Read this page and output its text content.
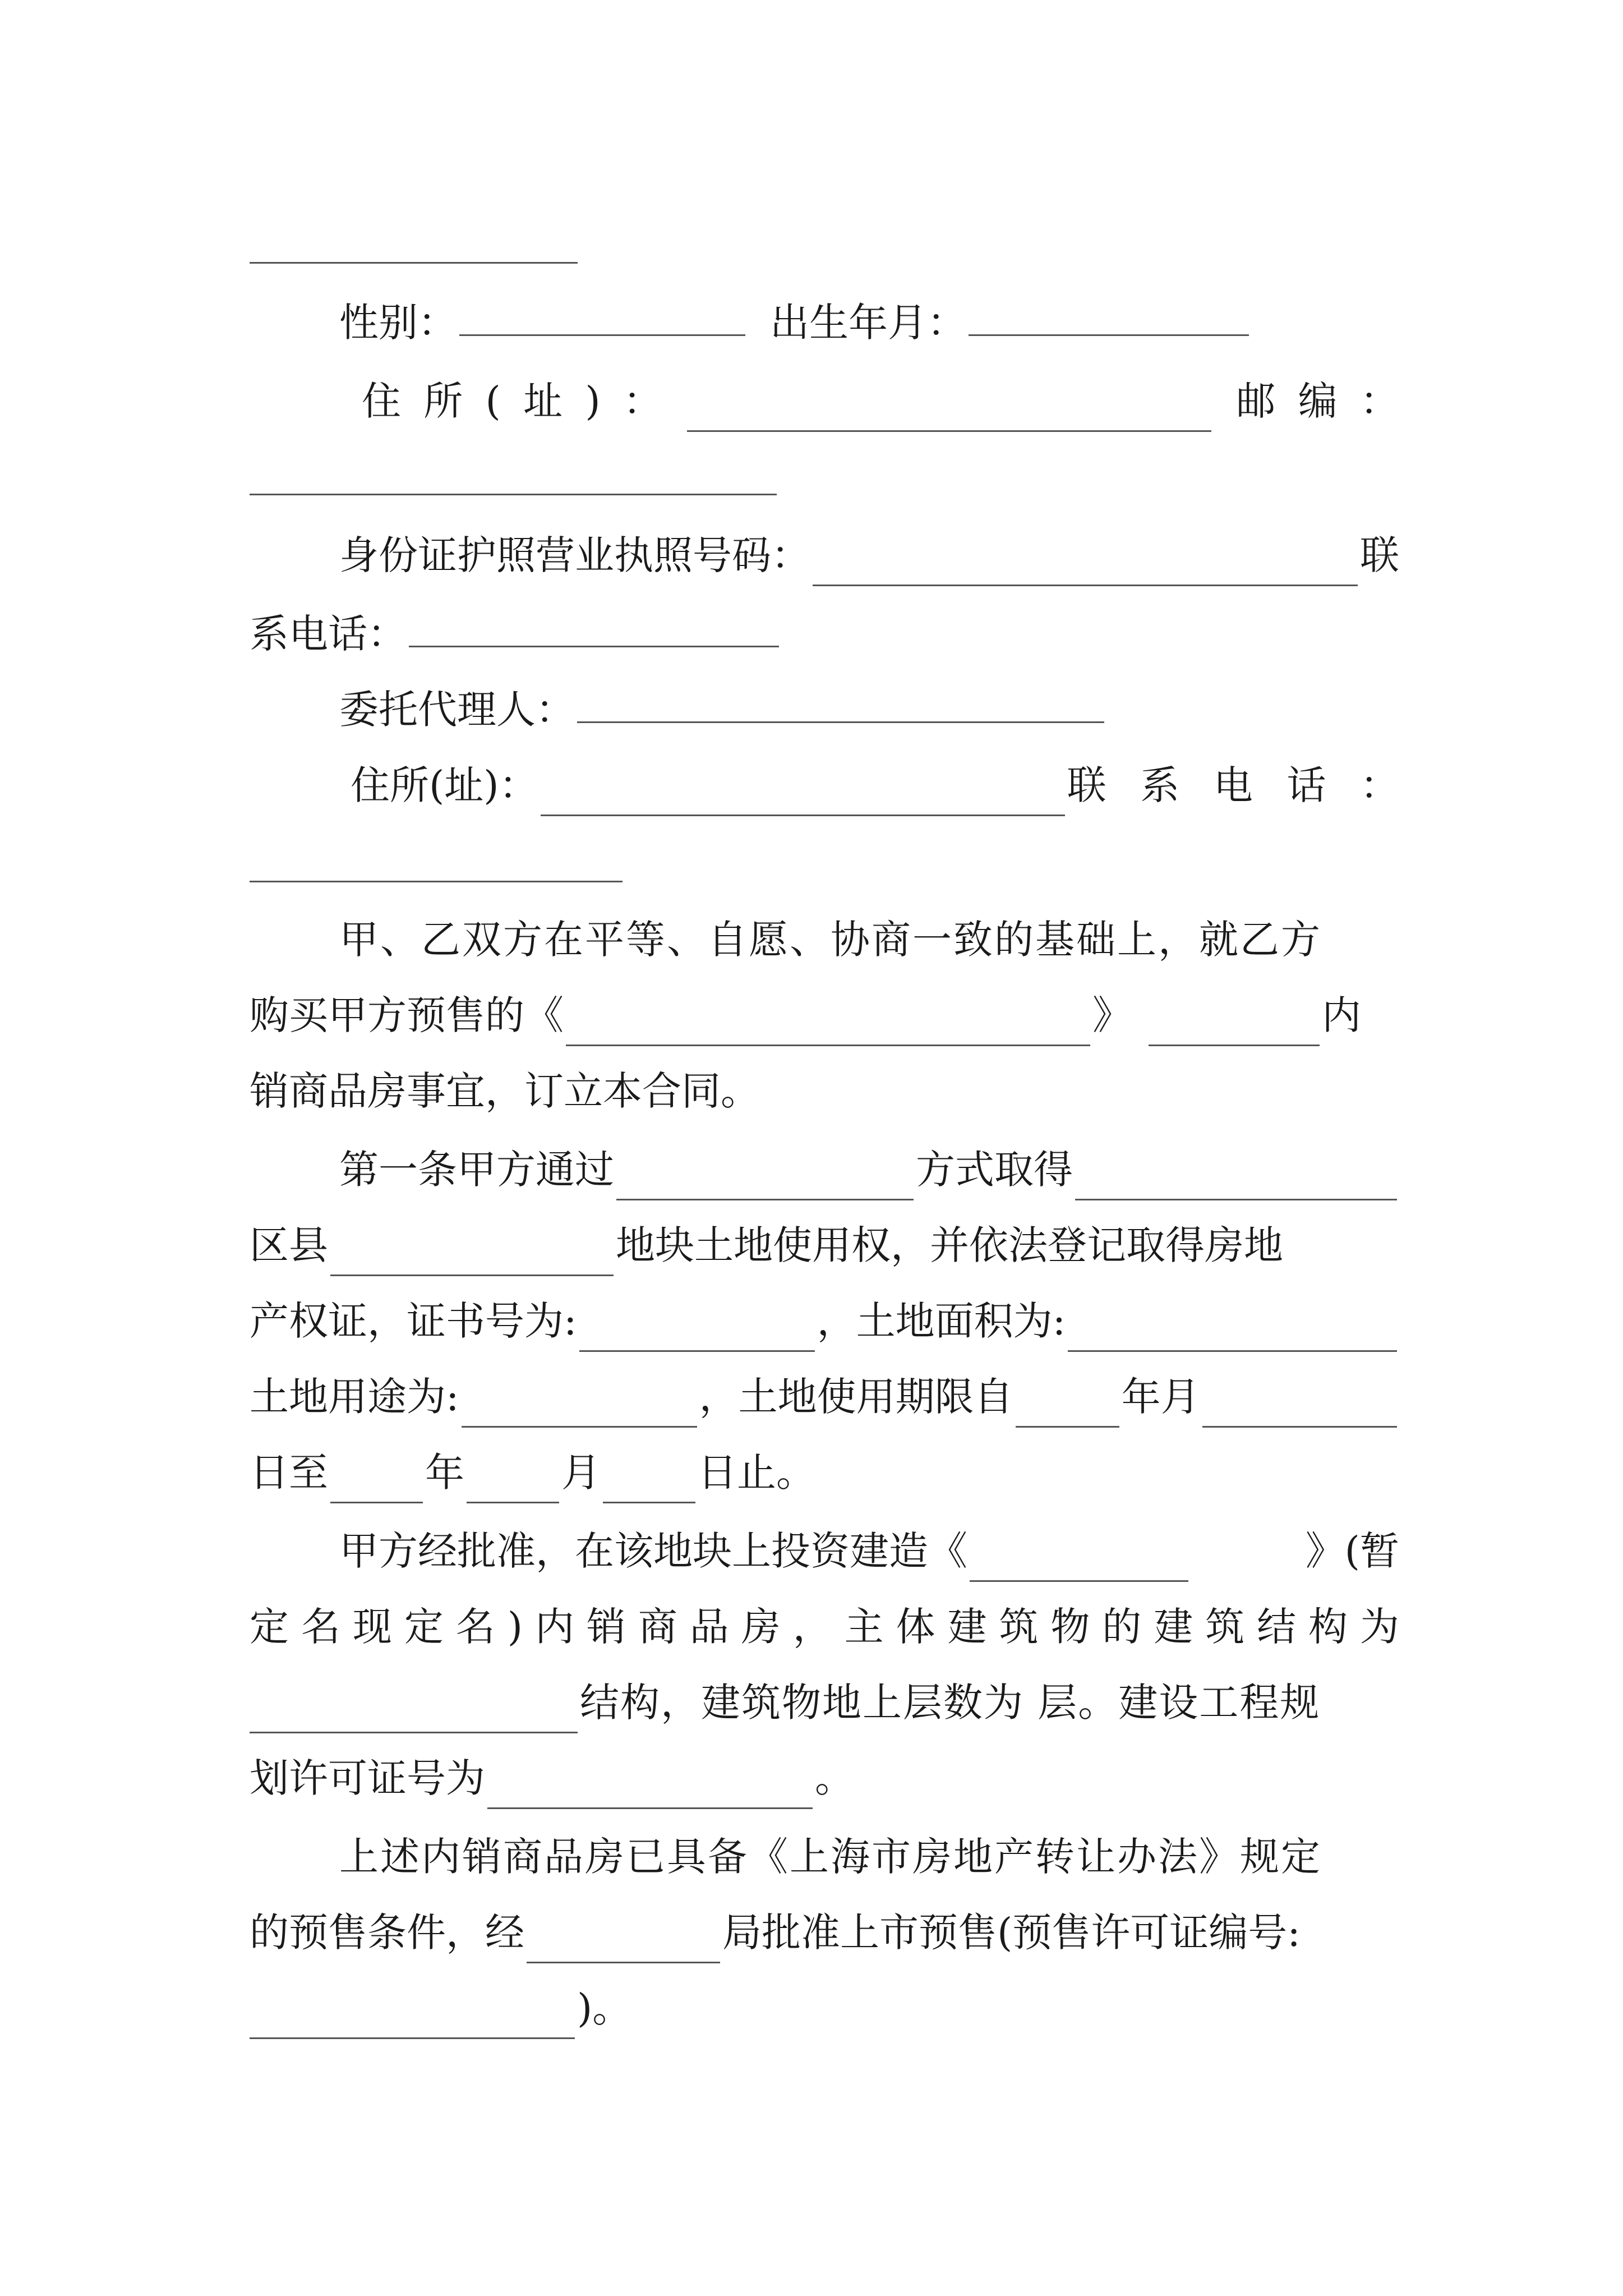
性别：	出生年月：
住 所 ( 址 ) ：	邮 编 ：
身份证护照营业执照号码：	联
系电话：
委托代理人：
住所(址)：	联 系 电 话 ：
甲、乙双方在平等、自愿、协商一致的基础上，就乙方
购买甲方预售的《	》	内
销商品房事宜，订立本合同。
第一条甲方通过	方式取得
区县	地块土地使用权，并依法登记取得房地
产权证，证书号为:	，土地面积为:
土地用途为:	，土地使用期限自	年月
日至 年 月 日止。
甲方经批准，在该地块上投资建造《	》(暂
定 名 现 定 名 ) 内 销 商 品 房 ， 主 体 建 筑 物 的 建 筑 结 构 为
结构，建筑物地上层数为 层。建设工程规
划许可证号为	。
上述内销商品房已具备《上海市房地产转让办法》规定
的预售条件，经	局批准上市预售(预售许可证编号:
)。
